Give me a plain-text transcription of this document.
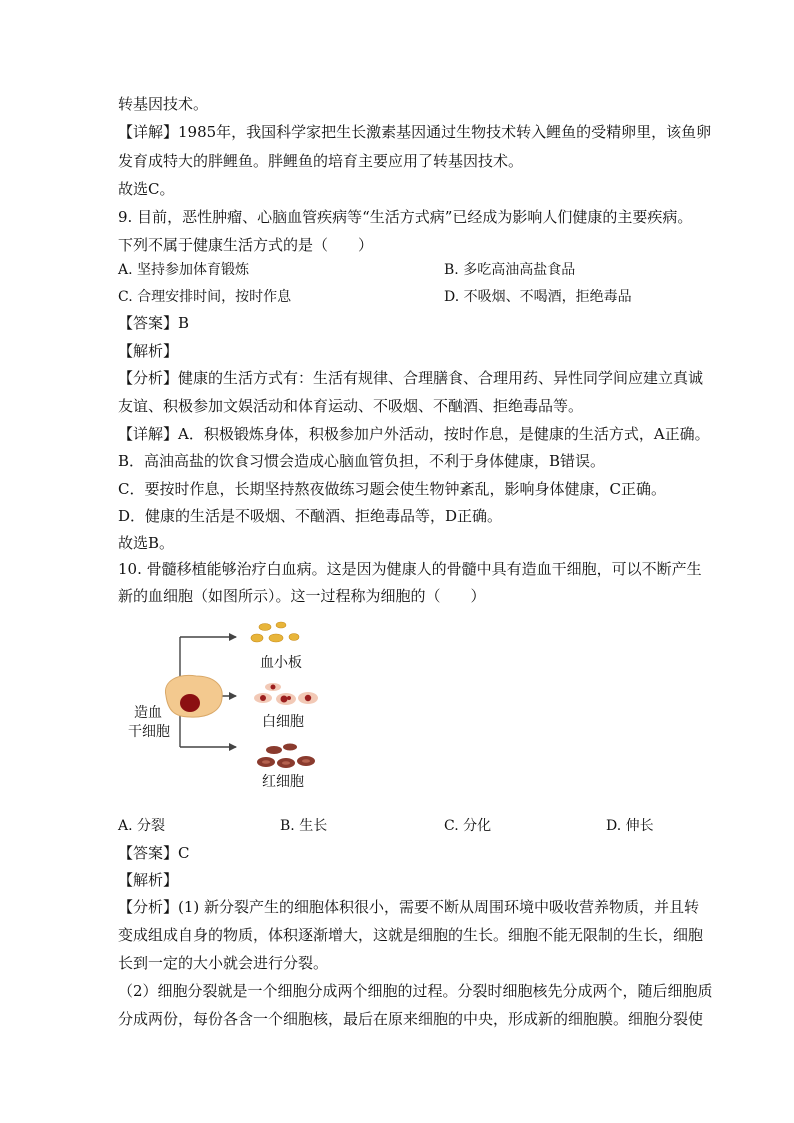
转基因技术。
【详解】1985年，我国科学家把生长激素基因通过生物技术转入鲤鱼的受精卵里，该鱼卵
发育成特大的胖鲤鱼。胖鲤鱼的培育主要应用了转基因技术。
故选C。
9. 目前，恶性肿瘤、心脑血管疾病等“生活方式病”已经成为影响人们健康的主要疾病。
下列不属于健康生活方式的是（　　）
A. 坚持参加体育锻炼	B. 多吃高油高盐食品
C. 合理安排时间，按时作息	D. 不吸烟、不喝酒，拒绝毒品
【答案】B
【解析】
【分析】健康的生活方式有：生活有规律、合理膳食、合理用药、异性同学间应建立真诚
友谊、积极参加文娱活动和体育运动、不吸烟、不酗酒、拒绝毒品等。
【详解】A．积极锻炼身体，积极参加户外活动，按时作息，是健康的生活方式，A正确。
B．高油高盐的饮食习惯会造成心脑血管负担，不利于身体健康，B错误。
C．要按时作息，长期坚持熬夜做练习题会使生物钟紊乱，影响身体健康，C正确。
D．健康的生活是不吸烟、不酗酒、拒绝毒品等，D正确。
故选B。
10. 骨髓移植能够治疗白血病。这是因为健康人的骨髓中具有造血干细胞，可以不断产生
新的血细胞（如图所示）。这一过程称为细胞的（　　）
造血
干细胞
血小板
白细胞
红细胞
A. 分裂	B. 生长	C. 分化	D. 伸长
【答案】C
【解析】
【分析】(1) 新分裂产生的细胞体积很小，需要不断从周围环境中吸收营养物质，并且转
变成组成自身的物质，体积逐渐增大，这就是细胞的生长。细胞不能无限制的生长，细胞
长到一定的大小就会进行分裂。
（2）细胞分裂就是一个细胞分成两个细胞的过程。分裂时细胞核先分成两个，随后细胞质
分成两份，每份各含一个细胞核，最后在原来细胞的中央，形成新的细胞膜。细胞分裂使
